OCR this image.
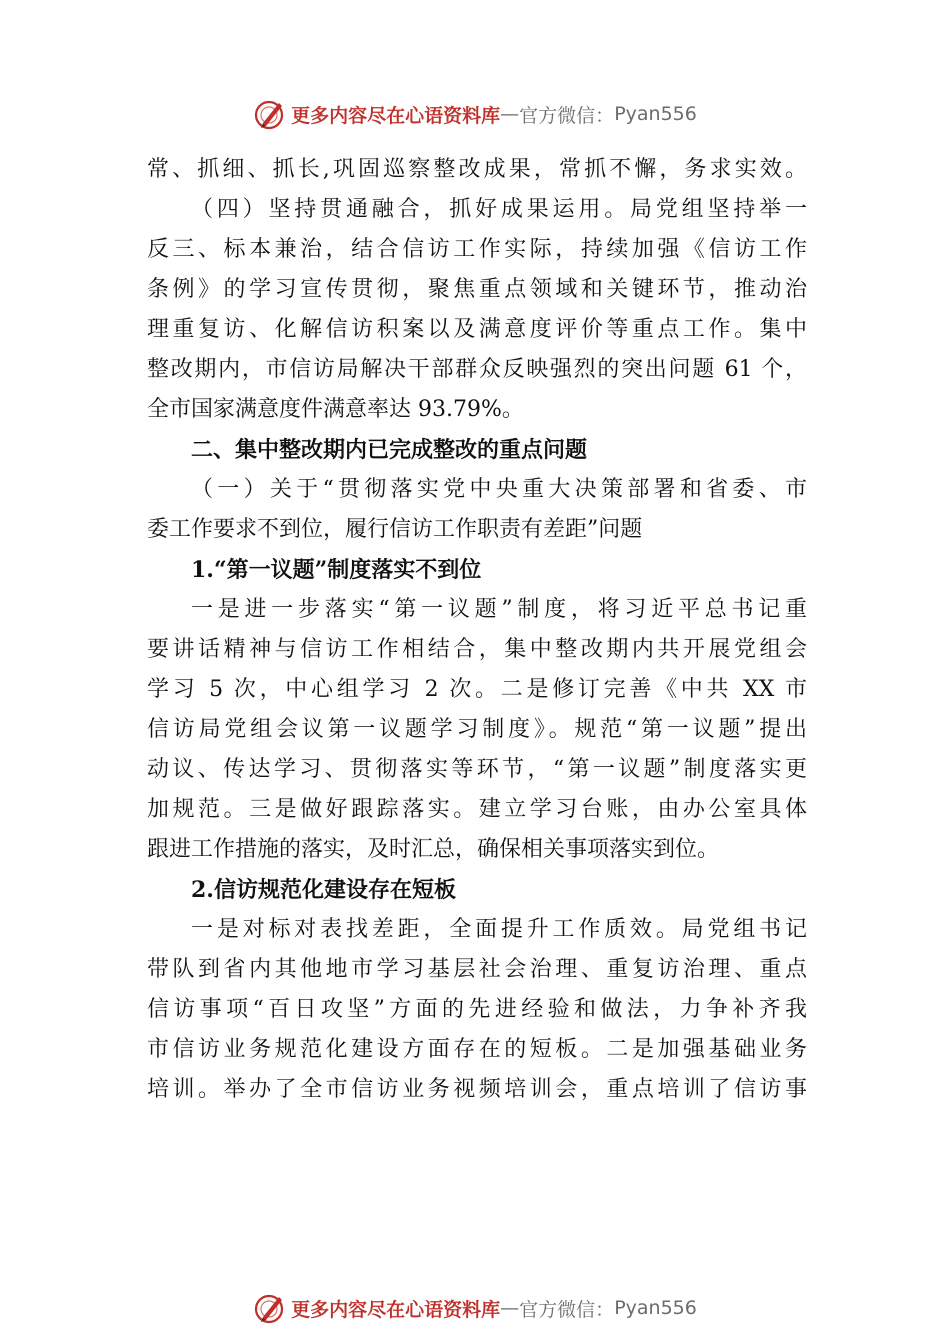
更多内容尽在心语资料库 — 官方微信： Pyan556
常、抓细、抓长,巩固巡察整改成果，常抓不懈，务求实效。
（四）坚持贯通融合，抓好成果运用。局党组坚持举一
反三、标本兼治，结合信访工作实际，持续加强《信访工作
条例》的学习宣传贯彻，聚焦重点领域和关键环节，推动治
理重复访、化解信访积案以及满意度评价等重点工作。集中
整改期内，市信访局解决干部群众反映强烈的突出问题 61 个，
全市国家满意度件满意率达 93.79%。
二、集中整改期内已完成整改的重点问题
（一）关于“贯彻落实党中央重大决策部署和省委、市
委工作要求不到位，履行信访工作职责有差距”问题
1.“第一议题”制度落实不到位
一是进一步落实“第一议题”制度，将习近平总书记重
要讲话精神与信访工作相结合，集中整改期内共开展党组会
学习 5 次，中心组学习 2 次。二是修订完善《中共 XX 市
信访局党组会议第一议题学习制度》。规范“第一议题”提出
动议、传达学习、贯彻落实等环节，“第一议题”制度落实更
加规范。三是做好跟踪落实。建立学习台账，由办公室具体
跟进工作措施的落实，及时汇总，确保相关事项落实到位。
2.信访规范化建设存在短板
一是对标对表找差距，全面提升工作质效。局党组书记
带队到省内其他地市学习基层社会治理、重复访治理、重点
信访事项“百日攻坚”方面的先进经验和做法，力争补齐我
市信访业务规范化建设方面存在的短板。二是加强基础业务
培训。举办了全市信访业务视频培训会，重点培训了信访事
更多内容尽在心语资料库 — 官方微信： Pyan556
